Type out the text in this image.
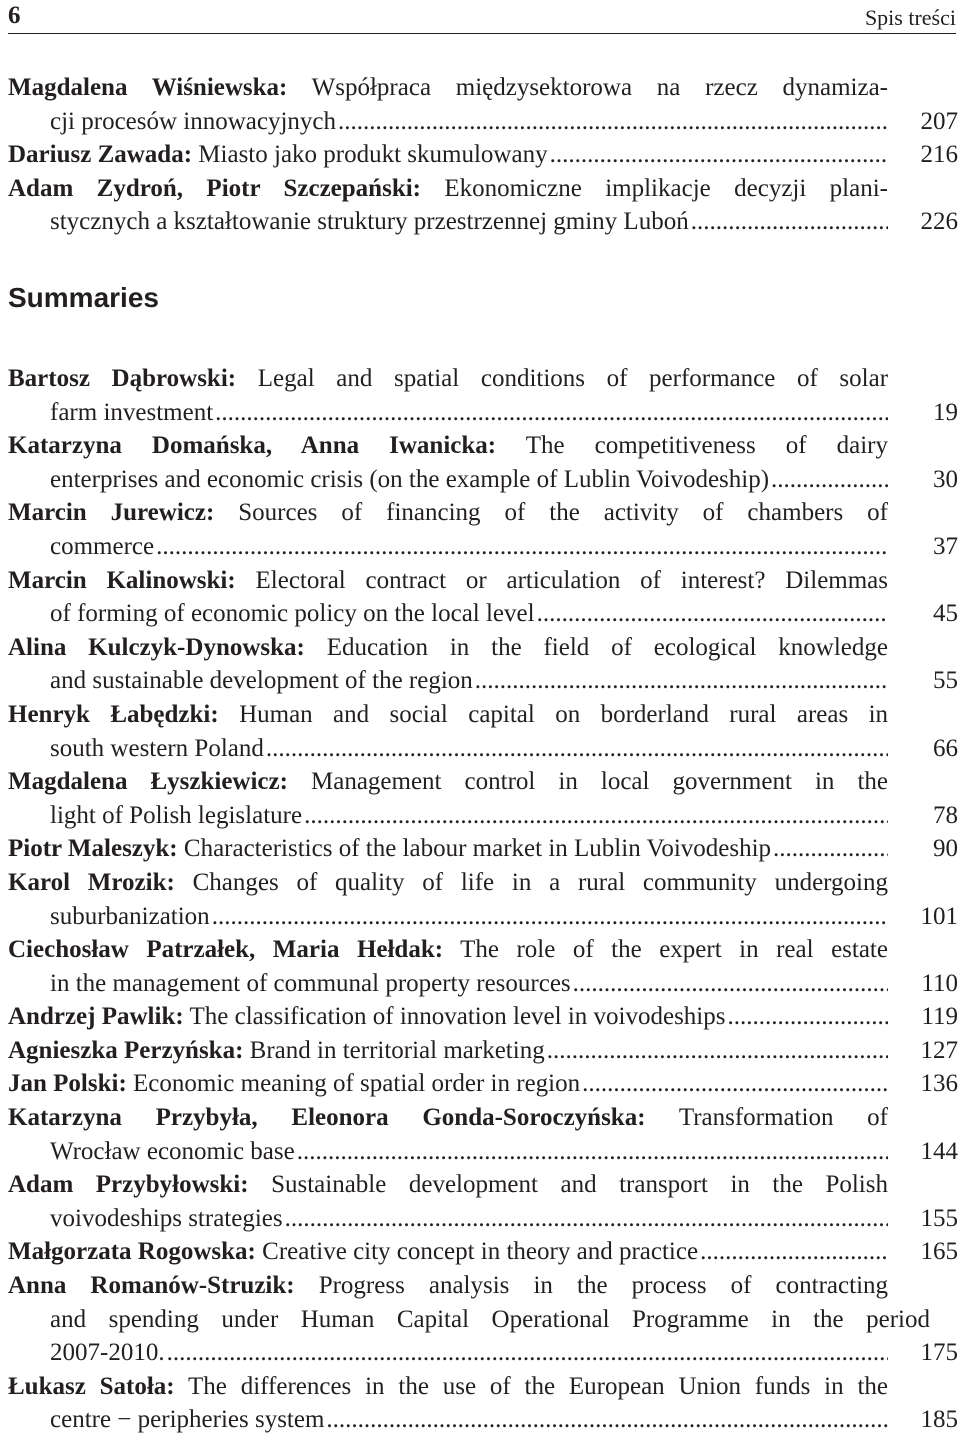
6	Spis treści
Magdalena Wiśniewska: Współpraca międzysektorowa na rzecz dynamiza-
cji procesów innowacyjnych .....	207
Dariusz Zawada: Miasto jako produkt skumulowany .....	216
Adam Zydroń, Piotr Szczepański: Ekonomiczne implikacje decyzji plani-
stycznych a kształtowanie struktury przestrzennej gminy Luboń .....	226
Summaries
Bartosz Dąbrowski: Legal and spatial conditions of performance of solar
farm investment .....	19
Katarzyna Domańska, Anna Iwanicka: The competitiveness of dairy
enterprises and economic crisis (on the example of Lublin Voivodeship) .....	30
Marcin Jurewicz: Sources of financing of the activity of chambers of
commerce .....	37
Marcin Kalinowski: Electoral contract or articulation of interest? Dilemmas
of forming of economic policy on the local level .....	45
Alina Kulczyk-Dynowska: Education in the field of ecological knowledge
and sustainable development of the region .....	55
Henryk Łabędzki: Human and social capital on borderland rural areas in
south western Poland .....	66
Magdalena Łyszkiewicz: Management control in local government in the
light of Polish legislature .....	78
Piotr Maleszyk: Characteristics of the labour market in Lublin Voivodeship .....	90
Karol Mrozik: Changes of quality of life in a rural community undergoing
suburbanization .....	101
Ciechosław Patrzałek, Maria Hełdak: The role of the expert in real estate
in the management of communal property resources .....	110
Andrzej Pawlik: The classification of innovation level in voivodeships .....	119
Agnieszka Perzyńska: Brand in territorial marketing .....	127
Jan Polski: Economic meaning of spatial order in region .....	136
Katarzyna Przybyła, Eleonora Gonda-Soroczyńska: Transformation of
Wrocław economic base .....	144
Adam Przybyłowski: Sustainable development and transport in the Polish
voivodeships strategies .....	155
Małgorzata Rogowska: Creative city concept in theory and practice .....	165
Anna Romanów-Struzik: Progress analysis in the process of contracting
and spending under Human Capital Operational Programme in the period
2007-2010. .....	175
Łukasz Satoła: The differences in the use of the European Union funds in the
centre − peripheries system .....	185
